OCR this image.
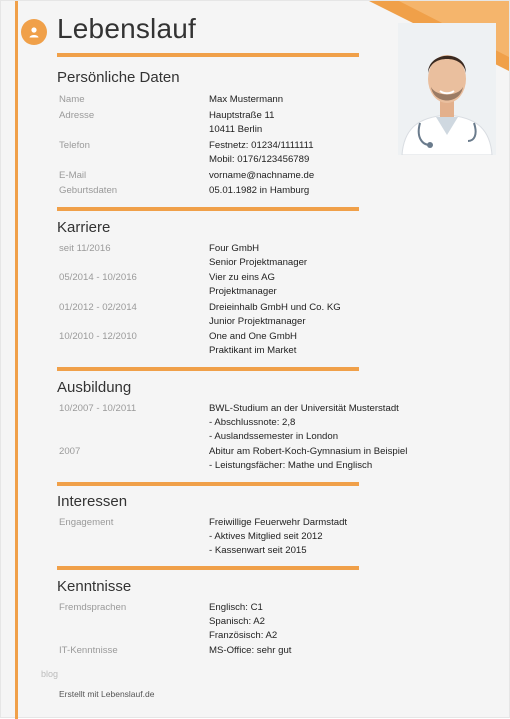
Lebenslauf
Persönliche Daten
Name	Max Mustermann
Adresse	Hauptstraße 11
10411 Berlin
Telefon	Festnetz: 01234/1111111
Mobil: 0176/123456789
E-Mail	vorname@nachname.de
Geburtsdaten	05.01.1982 in Hamburg
Karriere
seit 11/2016	Four GmbH
Senior Projektmanager
05/2014 - 10/2016	Vier zu eins AG
Projektmanager
01/2012 - 02/2014	Dreieinhalb GmbH und Co. KG
Junior Projektmanager
10/2010 - 12/2010	One and One GmbH
Praktikant im Market
Ausbildung
10/2007 - 10/2011	BWL-Studium an der Universität Musterstadt
- Abschlussnote: 2,8
- Auslandssemester in London
2007	Abitur am Robert-Koch-Gymnasium in Beispiel
- Leistungsfächer: Mathe und Englisch
Interessen
Engagement	Freiwillige Feuerwehr Darmstadt
- Aktives Mitglied seit 2012
- Kassenwart seit 2015
Kenntnisse
Fremdsprachen	Englisch: C1
Spanisch: A2
Französisch: A2
IT-Kenntnisse	MS-Office: sehr gut
blog
Erstellt mit Lebenslauf.de
